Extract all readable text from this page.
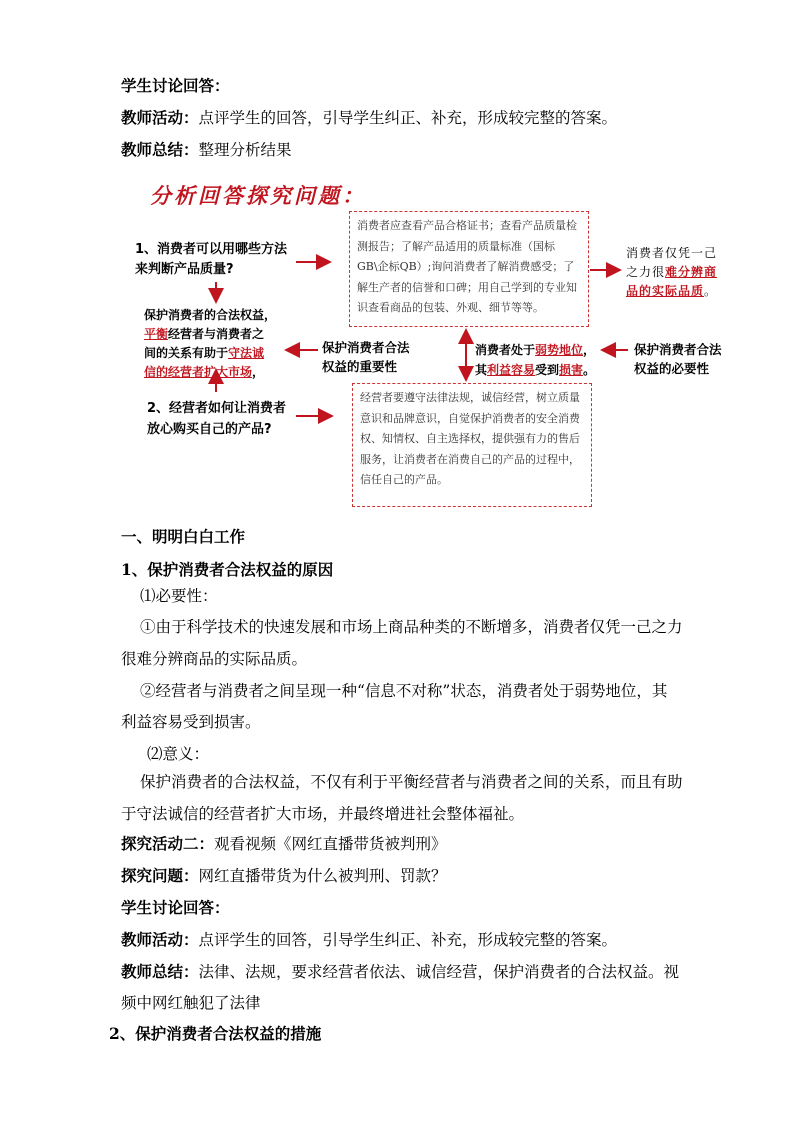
学生讨论回答：
教师活动：点评学生的回答，引导学生纠正、补充，形成较完整的答案。
教师总结：整理分析结果
分析回答探究问题：
1、消费者可以用哪些方法
来判断产品质量?
消费者应查看产品合格证书；查看产品质量检测报告；了解产品适用的质量标准（国标GB\企标QB）;询问消费者了解消费感受；了解生产者的信誉和口碑；用自己学到的专业知识查看商品的包装、外观、细节等等。
消费者仅凭一己之力很难分辨商品的实际品质。
保护消费者的合法权益，
平衡经营者与消费者之
间的关系有助于守法诚
信的经营者扩大市场，
保护消费者合法
权益的重要性
消费者处于弱势地位，
其利益容易受到损害。
保护消费者合法
权益的必要性
2、经营者如何让消费者
放心购买自己的产品?
经营者要遵守法律法规，诚信经营，树立质量意识和品牌意识，自觉保护消费者的安全消费权、知情权、自主选择权，提供强有力的售后服务，让消费者在消费自己的产品的过程中，信任自己的产品。
一、明明白白工作
1、保护消费者合法权益的原因
⑴必要性：
①由于科学技术的快速发展和市场上商品种类的不断增多，消费者仅凭一己之力
很难分辨商品的实际品质。
②经营者与消费者之间呈现一种“信息不对称”状态，消费者处于弱势地位，其
利益容易受到损害。
⑵意义：
保护消费者的合法权益，不仅有利于平衡经营者与消费者之间的关系，而且有助
于守法诚信的经营者扩大市场，并最终增进社会整体福祉。
探究活动二：观看视频《网红直播带货被判刑》
探究问题：网红直播带货为什么被判刑、罚款？
学生讨论回答：
教师活动：点评学生的回答，引导学生纠正、补充，形成较完整的答案。
教师总结：法律、法规，要求经营者依法、诚信经营，保护消费者的合法权益。视
频中网红触犯了法律
2、保护消费者合法权益的措施
